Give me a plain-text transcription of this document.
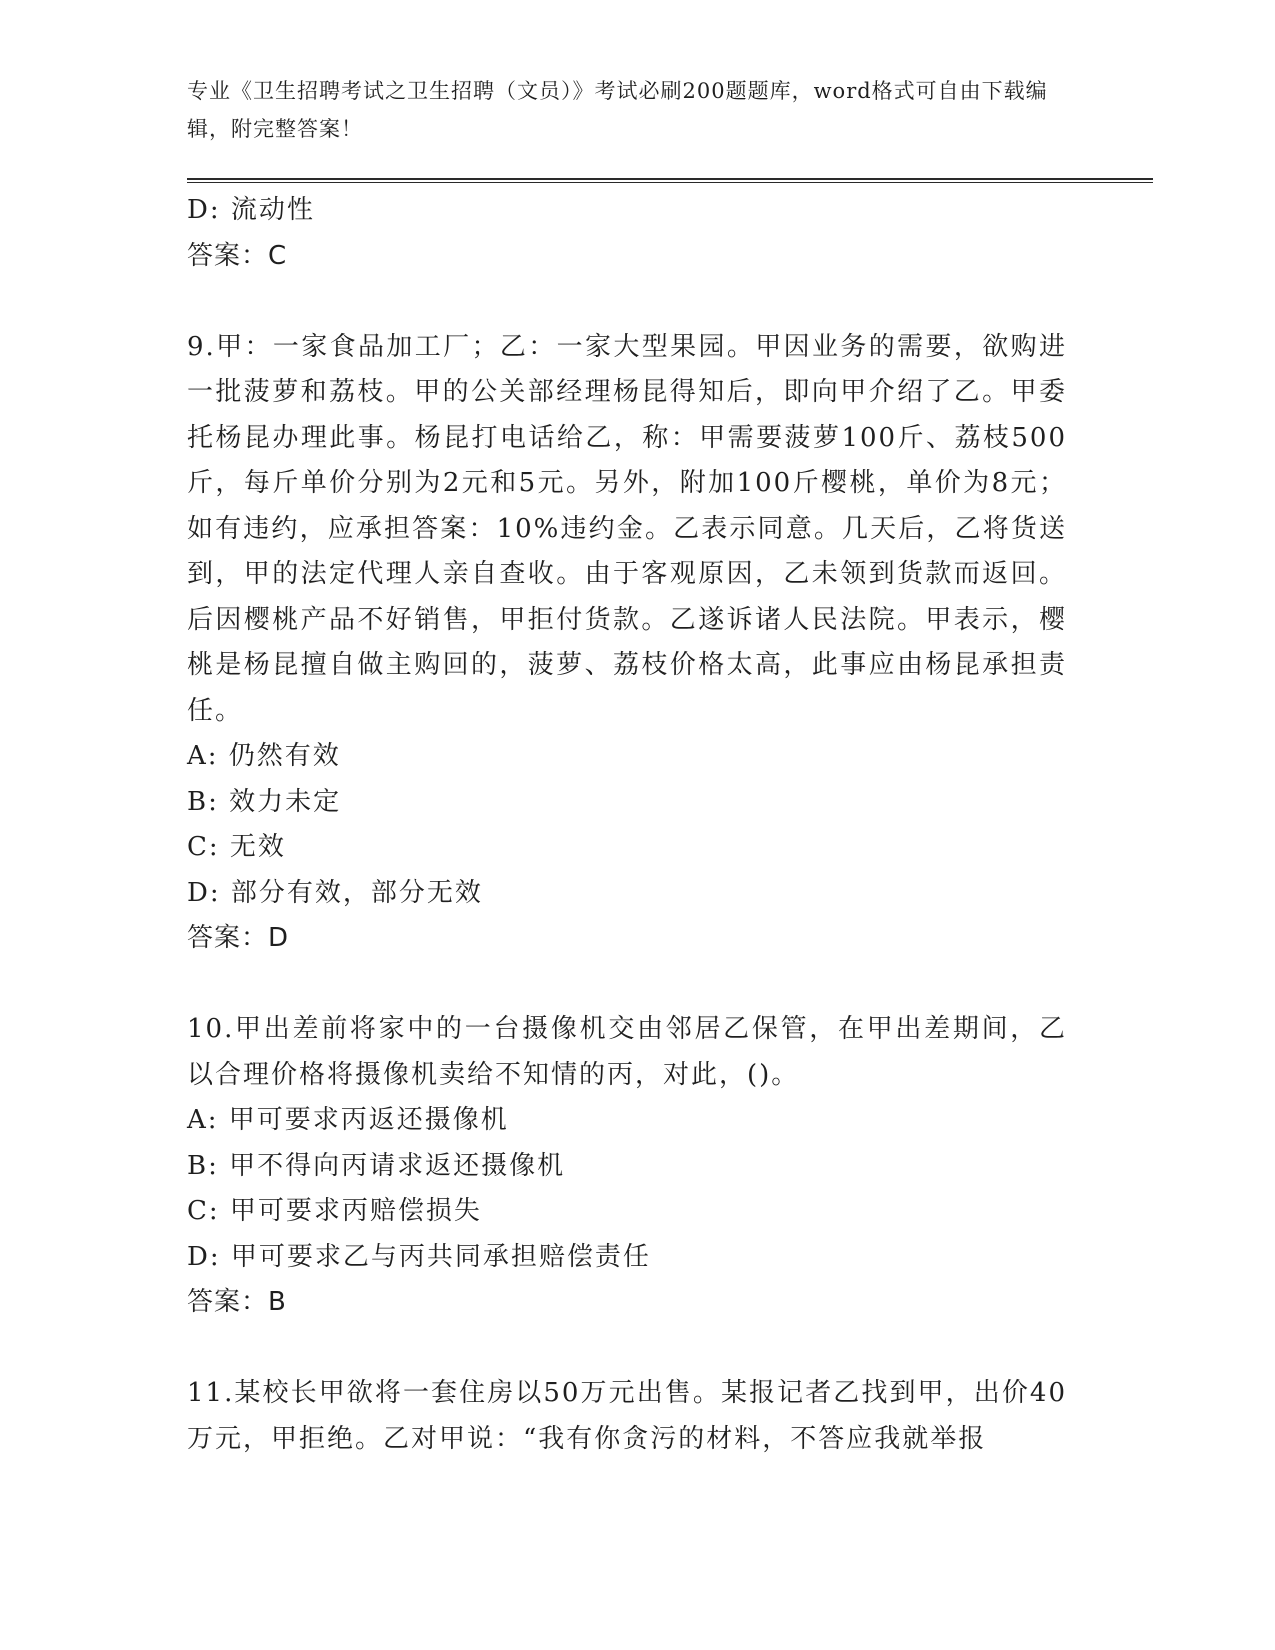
专业《卫生招聘考试之卫生招聘（文员）》考试必刷200题题库，word格式可自由下载编辑，附完整答案！
D: 流动性
答案：C
9.甲：一家食品加工厂；乙：一家大型果园。甲因业务的需要，欲购进一批菠萝和荔枝。甲的公关部经理杨昆得知后，即向甲介绍了乙。甲委托杨昆办理此事。杨昆打电话给乙，称：甲需要菠萝100斤、荔枝500斤，每斤单价分别为2元和5元。另外，附加100斤樱桃，单价为8元；如有违约，应承担答案：10%违约金。乙表示同意。几天后，乙将货送到，甲的法定代理人亲自查收。由于客观原因，乙未领到货款而返回。后因樱桃产品不好销售，甲拒付货款。乙遂诉诸人民法院。甲表示，樱桃是杨昆擅自做主购回的，菠萝、荔枝价格太高，此事应由杨昆承担责任。
A: 仍然有效
B: 效力未定
C: 无效
D: 部分有效，部分无效
答案：D
10.甲出差前将家中的一台摄像机交由邻居乙保管，在甲出差期间，乙以合理价格将摄像机卖给不知情的丙，对此，()。
A: 甲可要求丙返还摄像机
B: 甲不得向丙请求返还摄像机
C: 甲可要求丙赔偿损失
D: 甲可要求乙与丙共同承担赔偿责任
答案：B
11.某校长甲欲将一套住房以50万元出售。某报记者乙找到甲，出价40万元，甲拒绝。乙对甲说：“我有你贪污的材料，不答应我就举报
